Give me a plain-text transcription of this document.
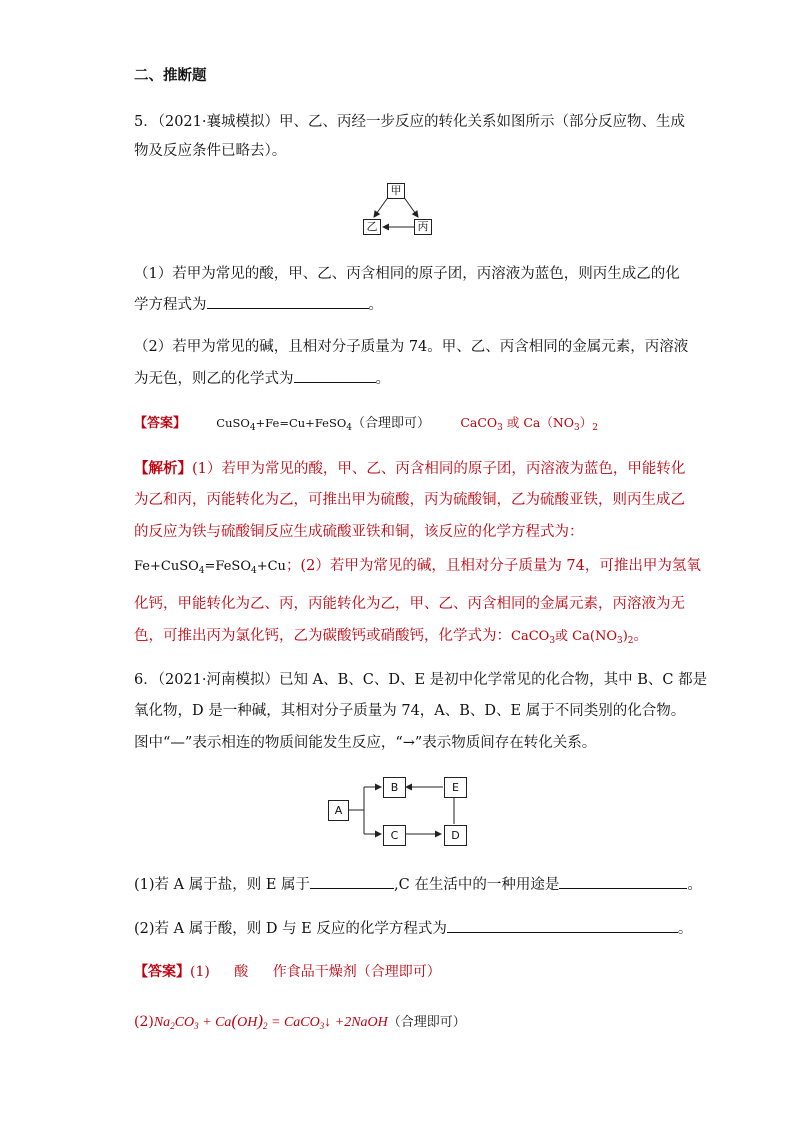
二、推断题
5．（2021·襄城模拟）甲、乙、丙经一步反应的转化关系如图所示（部分反应物、生成
物及反应条件已略去）。
甲
乙	丙
（1）若甲为常见的酸，甲、乙、丙含相同的原子团，丙溶液为蓝色，则丙生成乙的化
学方程式为	。
（2）若甲为常见的碱，且相对分子质量为 74。甲、乙、丙含相同的金属元素，丙溶液
为无色，则乙的化学式为	。
【答案】	CuSO$_4$+Fe=Cu+FeSO$_4$（合理即可） CaCO$_3$ 或 $Ca(NO_3)_2$
【解析】(1）若甲为常见的酸，甲、乙、丙含相同的原子团，丙溶液为蓝色，甲能转化
为乙和丙，丙能转化为乙，可推出甲为硫酸，丙为硫酸铜，乙为硫酸亚铁，则丙生成乙
的反应为铁与硫酸铜反应生成硫酸亚铁和铜，该反应的化学方程式为：
Fe+CuSO$_4$=FeSO$_4$+Cu；(2）若甲为常见的碱，且相对分子质量为 74，可推出甲为氢氧
化钙，甲能转化为乙、丙，丙能转化为乙，甲、乙、丙含相同的金属元素，丙溶液为无
色，可推出丙为氯化钙，乙为碳酸钙或硝酸钙，化学式为：CaCO$_3$或 $Ca(NO_3)_2$。
6．（2021·河南模拟）已知 A、B、C、D、E 是初中化学常见的化合物，其中 B、C 都是
氧化物，D 是一种碱，其相对分子质量为 74，A、B、D、E 属于不同类别的化合物。
图中“—”表示相连的物质间能发生反应，“→”表示物质间存在转化关系。
A
B
C	D
E
(1)若 A 属于盐，则 E 属于	,C 在生活中的一种用途是	。
(2)若 A 属于酸，则 D 与 E 反应的化学方程式为	。
【答案】(1) 酸 作食品干燥剂（合理即可）
$(2)Na_2CO_3 + Ca(OH)_2$ = CaCO$_3$↓ +2NaOH（合理即可）
